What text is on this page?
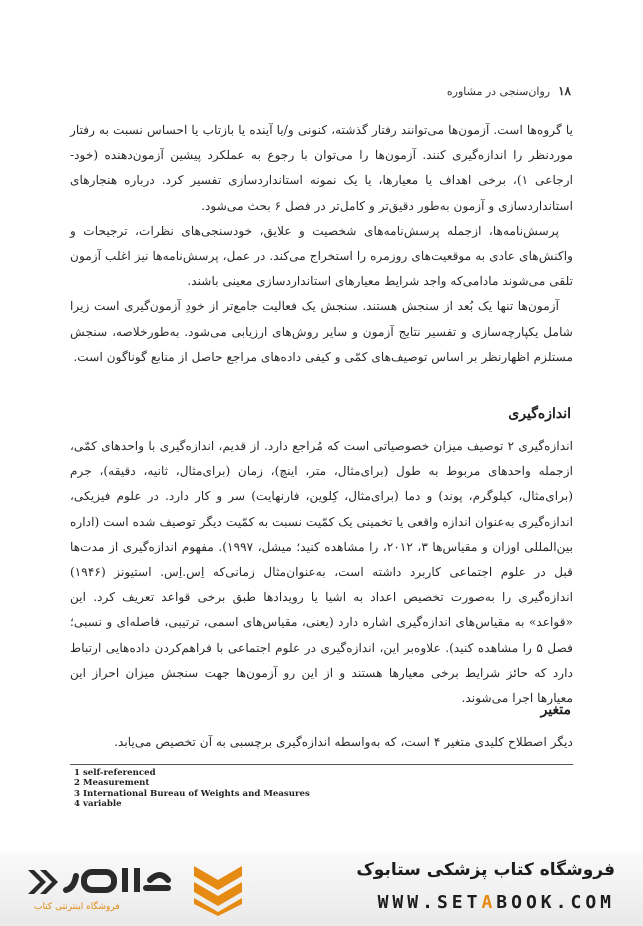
۱۸
روان‌سنجی در مشاوره

یا گروه‌ها است. آزمون‌ها می‌توانند رفتار گذشته، کنونی و/یا آینده یا بازتاب یا احساس نسبت به رفتار موردنظر را اندازه‌گیری کنند. آزمون‌ها را می‌توان با رجوع به عملکرد پیشین آزمون‌دهنده (خود-ارجاعی ۱)، برخی اهداف یا معیارها، یا یک نمونه استانداردسازی تفسیر کرد. درباره هنجارهای استانداردسازی و آزمون به‌طور دقیق‌تر و کامل‌تر در فصل ۶ بحث می‌شود.

پرسش‌نامه‌ها، ازجمله پرسش‌نامه‌های شخصیت و علایق، خودسنجی‌های نظرات، ترجیحات و واکنش‌های عادی به موقعیت‌های روزمره را استخراج می‌کند. در عمل، پرسش‌نامه‌ها نیز اغلب آزمون تلقی می‌شوند مادامی‌که واجد شرایط معیارهای استانداردسازی معینی باشند.

آزمون‌ها تنها یک بُعد از سنجش هستند. سنجش یک فعالیت جامع‌تر از خودِ آزمون‌گیری است زیرا شامل یکپارچه‌سازی و تفسیر نتایج آزمون و سایر روش‌های ارزیابی می‌شود. به‌طورخلاصه، سنجش مستلزم اظهارنظر بر اساس توصیف‌های کمّی و کیفی داده‌های مراجع حاصل از منابع گوناگون است.

اندازه‌گیری
اندازه‌گیری ۲ توصیف میزان خصوصیاتی است که مُراجع دارد. از قدیم، اندازه‌گیری با واحدهای کمّی، ازجمله واحدهای مربوط به طول (برای‌مثال، متر، اینچ)، زمان (برای‌مثال، ثانیه، دقیقه)، جرم (برای‌مثال، کیلوگرم، پوند) و دما (برای‌مثال، کِلوین، فارنهایت) سر و کار دارد. در علوم فیزیکی، اندازه‌گیری به‌عنوان اندازه واقعی یا تخمینی یک کمّیت نسبت به کمّیت دیگر توصیف شده است (اداره بین‌المللی اوزان و مقیاس‌ها ۳، ۲۰۱۲، را مشاهده کنید؛ میشل، ۱۹۹۷). مفهوم اندازه‌گیری از مدت‌ها قبل در علوم اجتماعی کاربرد داشته است، به‌عنوان‌مثال زمانی‌که اِس.اِس. استیونز (۱۹۴۶) اندازه‌گیری را به‌صورت تخصیص اعداد به اشیا یا رویدادها طبق برخی قواعد تعریف کرد. این «قواعد» به مقیاس‌های اندازه‌گیری اشاره دارد (یعنی، مقیاس‌های اسمی، ترتیبی، فاصله‌ای و نسبی؛ فصل ۵ را مشاهده کنید). علاوه‌بر این، اندازه‌گیری در علوم اجتماعی با فراهم‌کردن داده‌هایی ارتباط دارد که حائز شرایط برخی معیارها هستند و از این رو آزمون‌ها جهت سنجش میزان احراز این معیارها اجرا می‌شوند.
متغیر
دیگر اصطلاح کلیدی متغیر ۴ است، که به‌واسطه اندازه‌گیری برچسبی به آن تخصیص می‌یابد.
1 self-referenced
2 Measurement
3 International Bureau of Weights and Measures
4 variable
فروشگاه اینترنتی کتاب
فروشگاه کتاب پزشکی ستابوک
WWW.SETABOOK.COM
